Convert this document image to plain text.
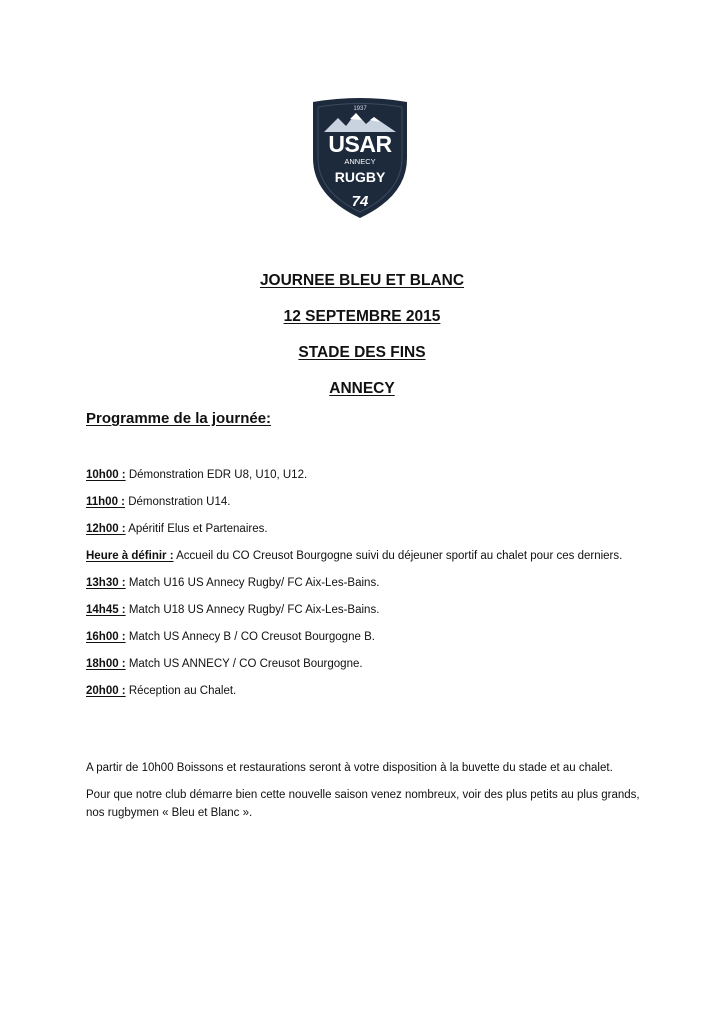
1937
USAR
ANNECY
RUGBY
74

JOURNEE BLEU ET BLANC

12 SEPTEMBRE 2015

STADE DES FINS

ANNECY

Programme de la journée:

10h00 : Démonstration EDR U8, U10, U12.

11h00 : Démonstration U14.

12h00 : Apéritif Elus et Partenaires.

Heure à définir : Accueil du CO Creusot Bourgogne suivi du déjeuner sportif au chalet pour ces derniers.

13h30 : Match U16 US Annecy Rugby/ FC Aix-Les-Bains.

14h45 : Match U18 US Annecy Rugby/ FC Aix-Les-Bains.

16h00 : Match US Annecy B / CO Creusot Bourgogne B.

18h00 : Match US ANNECY / CO Creusot Bourgogne.

20h00 : Réception au Chalet.

A partir de 10h00 Boissons et restaurations seront à votre disposition à la buvette du stade et au chalet.

Pour que notre club démarre bien cette nouvelle saison venez nombreux, voir des plus petits au plus grands, nos rugbymen « Bleu et Blanc ».
